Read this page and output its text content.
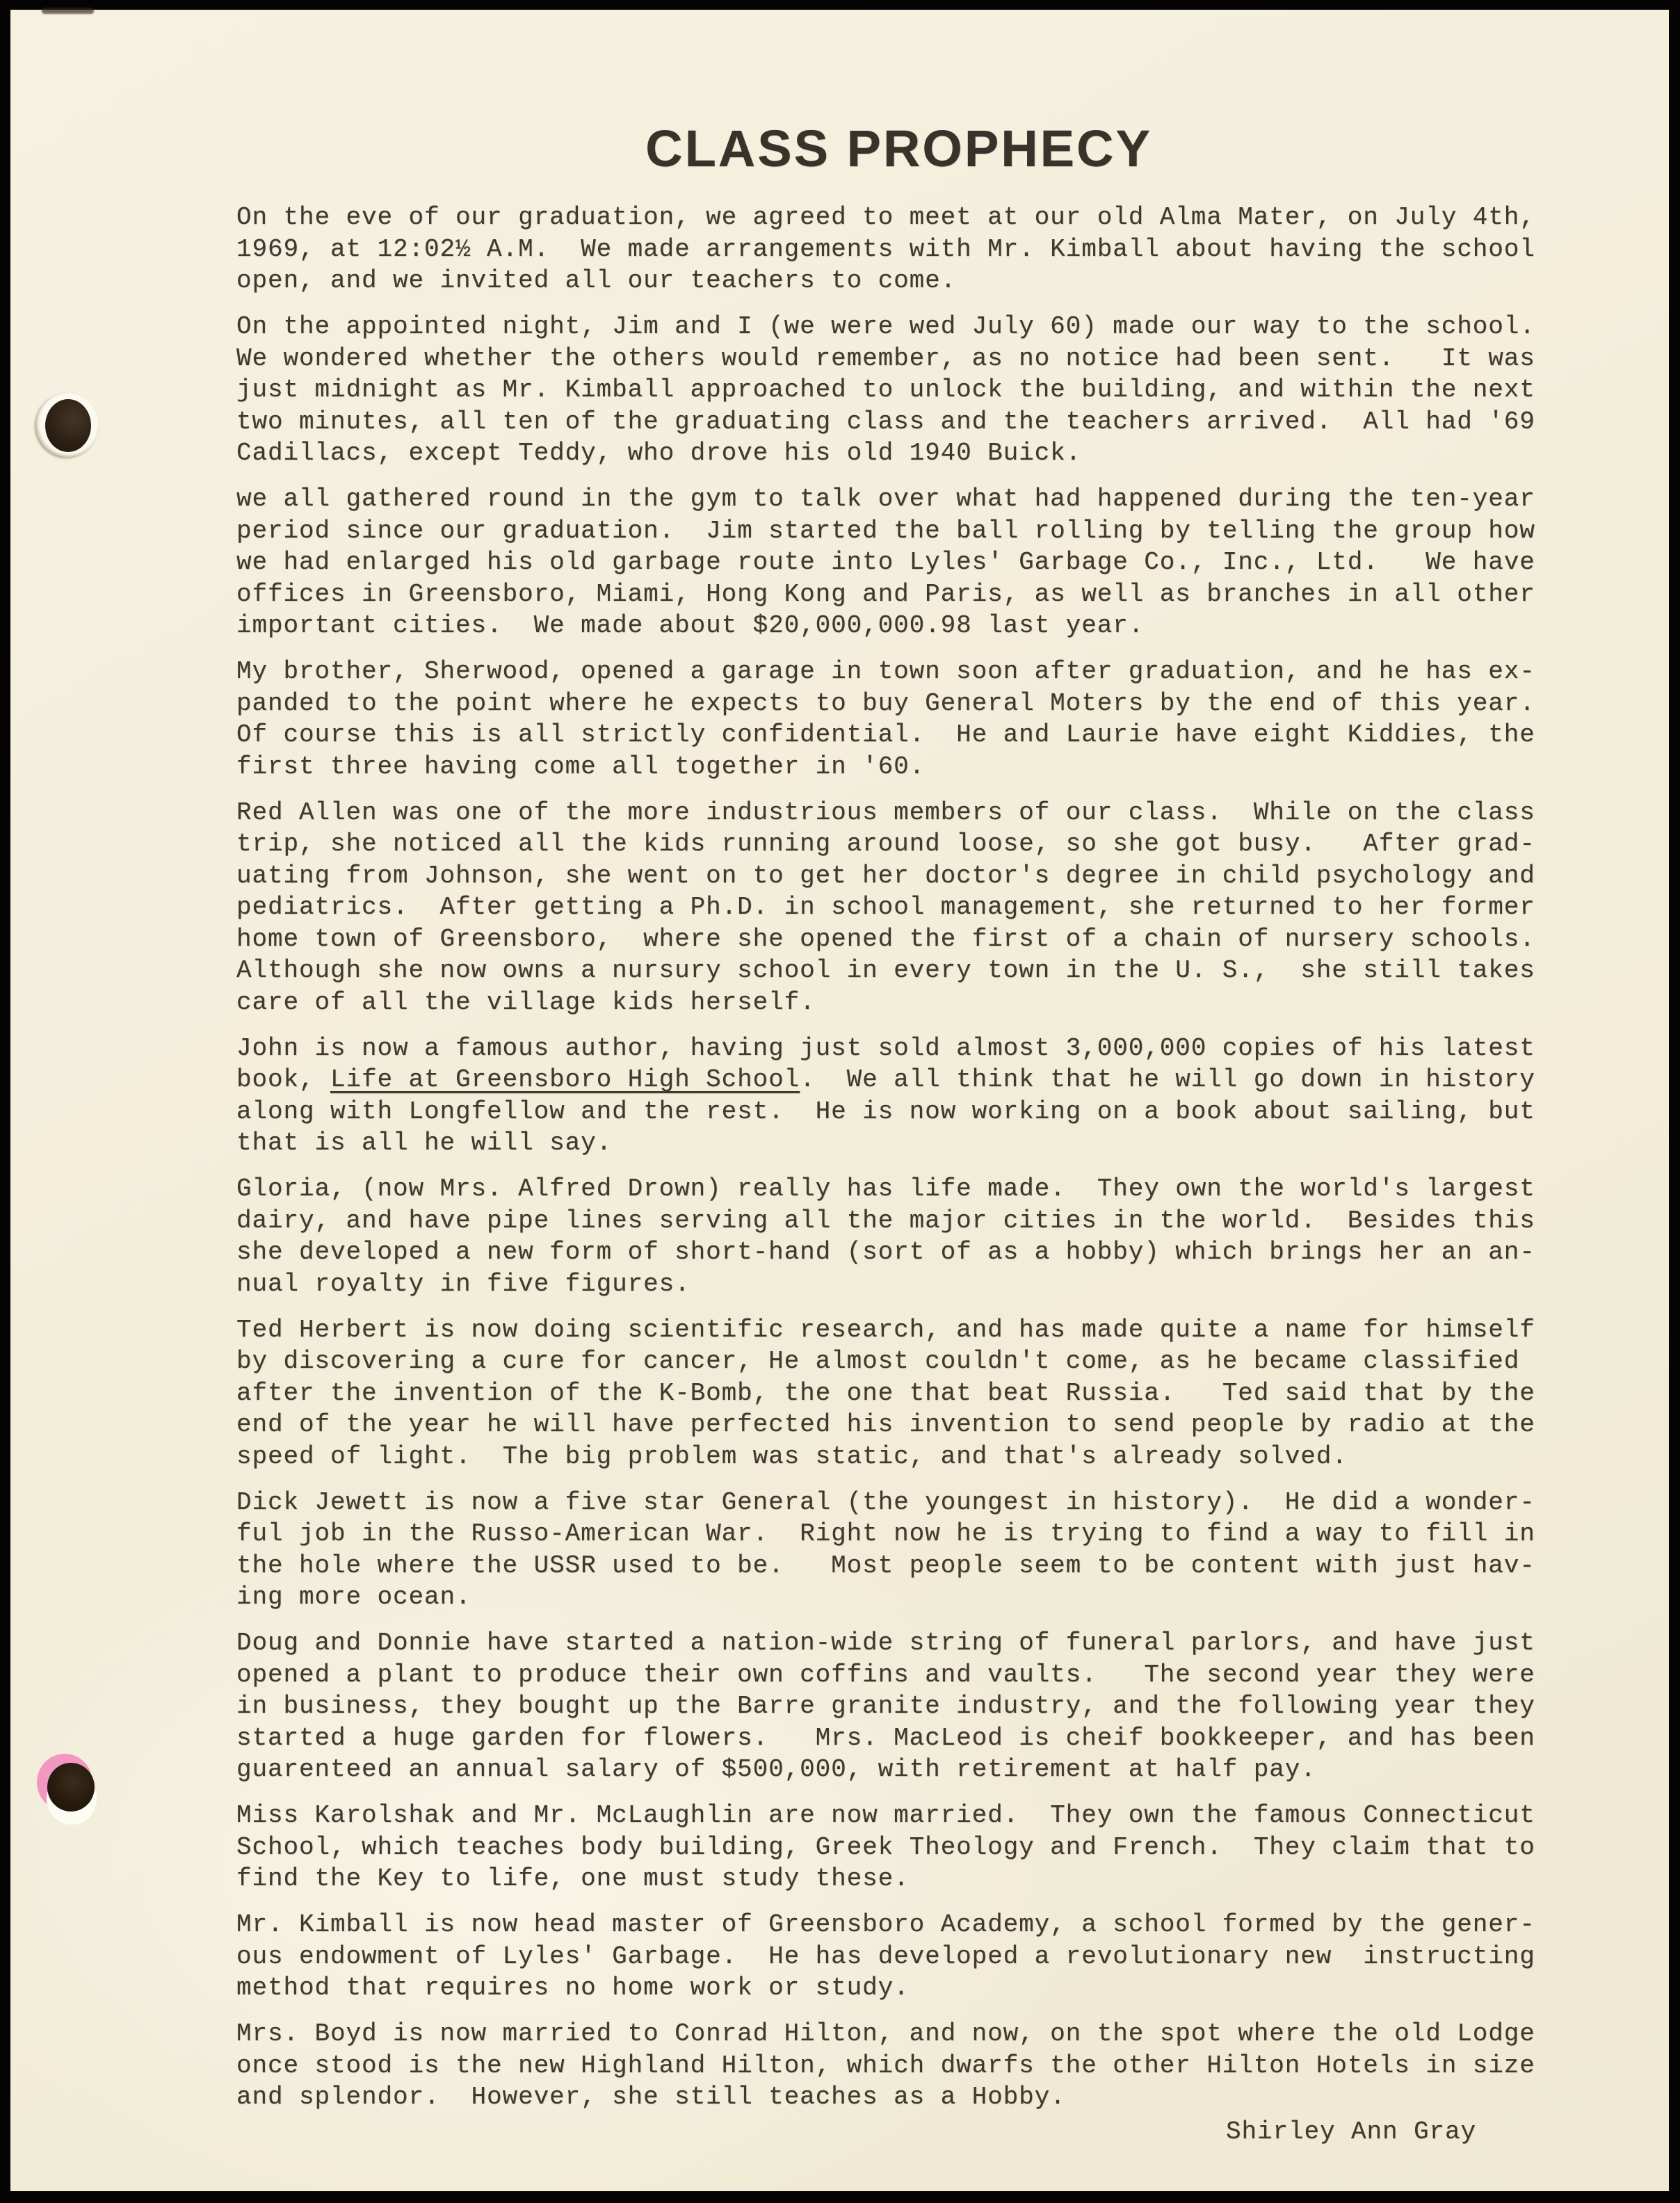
CLASS PROPHECY
On the eve of our graduation, we agreed to meet at our old Alma Mater, on July 4th,
1969, at 12:02½ A.M.  We made arrangements with Mr. Kimball about having the school
open, and we invited all our teachers to come.
On the appointed night, Jim and I (we were wed July 60) made our way to the school.
We wondered whether the others would remember, as no notice had been sent.   It was
just midnight as Mr. Kimball approached to unlock the building, and within the next
two minutes, all ten of the graduating class and the teachers arrived.  All had '69
Cadillacs, except Teddy, who drove his old 1940 Buick.
we all gathered round in the gym to talk over what had happened during the ten-year
period since our graduation.  Jim started the ball rolling by telling the group how
we had enlarged his old garbage route into Lyles' Garbage Co., Inc., Ltd.   We have
offices in Greensboro, Miami, Hong Kong and Paris, as well as branches in all other
important cities.  We made about $20,000,000.98 last year.
My brother, Sherwood, opened a garage in town soon after graduation, and he has ex-
panded to the point where he expects to buy General Moters by the end of this year.
Of course this is all strictly confidential.  He and Laurie have eight Kiddies, the
first three having come all together in '60.
Red Allen was one of the more industrious members of our class.  While on the class
trip, she noticed all the kids running around loose, so she got busy.   After grad-
uating from Johnson, she went on to get her doctor's degree in child psychology and
pediatrics.  After getting a Ph.D. in school management, she returned to her former
home town of Greensboro,  where she opened the first of a chain of nursery schools.
Although she now owns a nursury school in every town in the U. S.,  she still takes
care of all the village kids herself.
John is now a famous author, having just sold almost 3,000,000 copies of his latest
book, Life at Greensboro High School.  We all think that he will go down in history
along with Longfellow and the rest.  He is now working on a book about sailing, but
that is all he will say.
Gloria, (now Mrs. Alfred Drown) really has life made.  They own the world's largest
dairy, and have pipe lines serving all the major cities in the world.  Besides this
she developed a new form of short-hand (sort of as a hobby) which brings her an an-
nual royalty in five figures.
Ted Herbert is now doing scientific research, and has made quite a name for himself
by discovering a cure for cancer, He almost couldn't come, as he became classified
after the invention of the K-Bomb, the one that beat Russia.   Ted said that by the
end of the year he will have perfected his invention to send people by radio at the
speed of light.  The big problem was static, and that's already solved.
Dick Jewett is now a five star General (the youngest in history).  He did a wonder-
ful job in the Russo-American War.  Right now he is trying to find a way to fill in
the hole where the USSR used to be.   Most people seem to be content with just hav-
ing more ocean.
Doug and Donnie have started a nation-wide string of funeral parlors, and have just
opened a plant to produce their own coffins and vaults.   The second year they were
in business, they bought up the Barre granite industry, and the following year they
started a huge garden for flowers.   Mrs. MacLeod is cheif bookkeeper, and has been
guarenteed an annual salary of $500,000, with retirement at half pay.
Miss Karolshak and Mr. McLaughlin are now married.  They own the famous Connecticut
School, which teaches body building, Greek Theology and French.  They claim that to
find the Key to life, one must study these.
Mr. Kimball is now head master of Greensboro Academy, a school formed by the gener-
ous endowment of Lyles' Garbage.  He has developed a revolutionary new  instructing
method that requires no home work or study.
Mrs. Boyd is now married to Conrad Hilton, and now, on the spot where the old Lodge
once stood is the new Highland Hilton, which dwarfs the other Hilton Hotels in size
and splendor.  However, she still teaches as a Hobby.
Shirley Ann Gray
